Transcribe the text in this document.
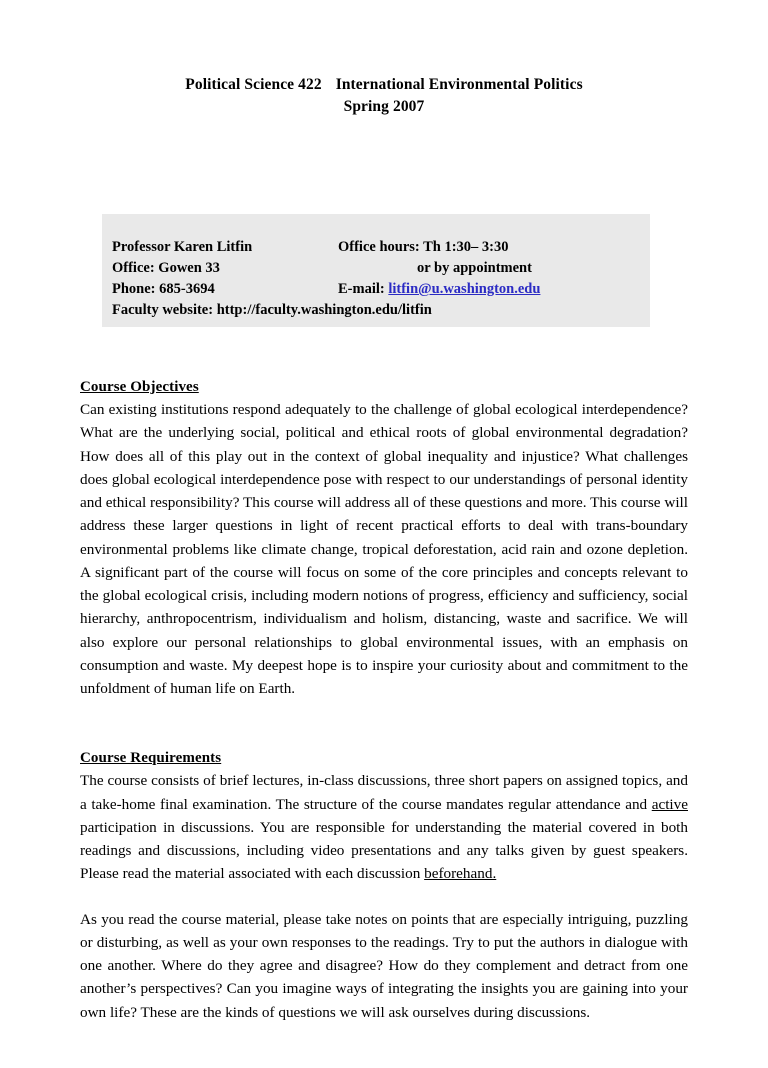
Political Science 422 International Environmental Politics
Spring 2007
Professor Karen Litfin	Office hours: Th 1:30– 3:30
Office: Gowen 33	or by appointment
Phone: 685-3694	E-mail: litfin@u.washington.edu
Faculty website: http://faculty.washington.edu/litfin
Course Objectives

Can existing institutions respond adequately to the challenge of global ecological interdependence? What are the underlying social, political and ethical roots of global environmental degradation? How does all of this play out in the context of global inequality and injustice? What challenges does global ecological interdependence pose with respect to our understandings of personal identity and ethical responsibility? This course will address all of these questions and more. This course will address these larger questions in light of recent practical efforts to deal with trans-boundary environmental problems like climate change, tropical deforestation, acid rain and ozone depletion. A significant part of the course will focus on some of the core principles and concepts relevant to the global ecological crisis, including modern notions of progress, efficiency and sufficiency, social hierarchy, anthropocentrism, individualism and holism, distancing, waste and sacrifice. We will also explore our personal relationships to global environmental issues, with an emphasis on consumption and waste. My deepest hope is to inspire your curiosity about and commitment to the unfoldment of human life on Earth.

Course Requirements

The course consists of brief lectures, in-class discussions, three short papers on assigned topics, and a take-home final examination. The structure of the course mandates regular attendance and active participation in discussions. You are responsible for understanding the material covered in both readings and discussions, including video presentations and any talks given by guest speakers. Please read the material associated with each discussion beforehand.

As you read the course material, please take notes on points that are especially intriguing, puzzling or disturbing, as well as your own responses to the readings. Try to put the authors in dialogue with one another. Where do they agree and disagree? How do they complement and detract from one another’s perspectives? Can you imagine ways of integrating the insights you are gaining into your own life? These are the kinds of questions we will ask ourselves during discussions.
